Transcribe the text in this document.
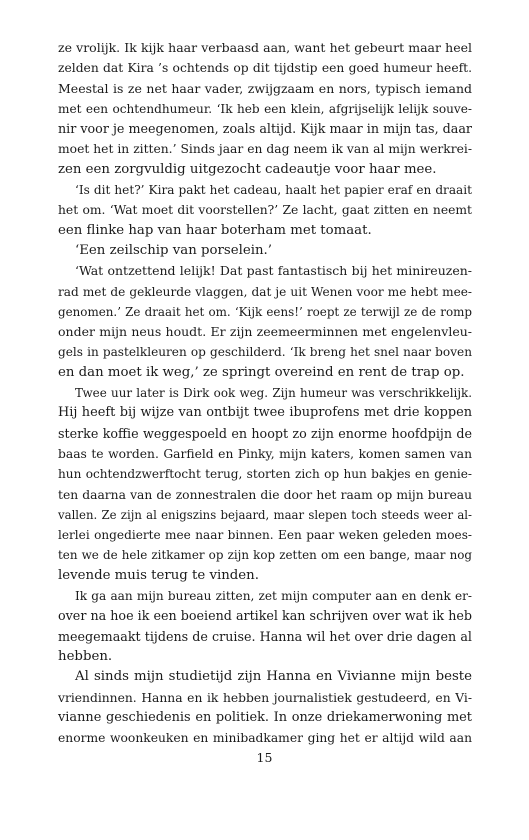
ze vrolijk. Ik kijk haar verbaasd aan, want het gebeurt maar heel
zelden dat Kira ’s ochtends op dit tijdstip een goed humeur heeft.
Meestal is ze net haar vader, zwijgzaam en nors, typisch iemand
met een ochtendhumeur. ‘Ik heb een klein, afgrijselijk lelijk souve-
nir voor je meegenomen, zoals altijd. Kijk maar in mijn tas, daar
moet het in zitten.’ Sinds jaar en dag neem ik van al mijn werkrei-
zen een zorgvuldig uitgezocht cadeautje voor haar mee.
‘Is dit het?’ Kira pakt het cadeau, haalt het papier eraf en draait
het om. ‘Wat moet dit voorstellen?’ Ze lacht, gaat zitten en neemt
een flinke hap van haar boterham met tomaat.
‘Een zeilschip van porselein.’
‘Wat ontzettend lelijk! Dat past fantastisch bij het minireuzen-
rad met de gekleurde vlaggen, dat je uit Wenen voor me hebt mee-
genomen.’ Ze draait het om. ‘Kijk eens!’ roept ze terwijl ze de romp
onder mijn neus houdt. Er zijn zeemeerminnen met engelenvleu-
gels in pastelkleuren op geschilderd. ‘Ik breng het snel naar boven
en dan moet ik weg,’ ze springt overeind en rent de trap op.
Twee uur later is Dirk ook weg. Zijn humeur was verschrikkelijk.
Hij heeft bij wijze van ontbijt twee ibuprofens met drie koppen
sterke koffie weggespoeld en hoopt zo zijn enorme hoofdpijn de
baas te worden. Garfield en Pinky, mijn katers, komen samen van
hun ochtendzwerftocht terug, storten zich op hun bakjes en genie-
ten daarna van de zonnestralen die door het raam op mijn bureau
vallen. Ze zijn al enigszins bejaard, maar slepen toch steeds weer al-
lerlei ongedierte mee naar binnen. Een paar weken geleden moes-
ten we de hele zitkamer op zijn kop zetten om een bange, maar nog
levende muis terug te vinden.
Ik ga aan mijn bureau zitten, zet mijn computer aan en denk er-
over na hoe ik een boeiend artikel kan schrijven over wat ik heb
meegemaakt tijdens de cruise. Hanna wil het over drie dagen al
hebben.
Al sinds mijn studietijd zijn Hanna en Vivianne mijn beste
vriendinnen. Hanna en ik hebben journalistiek gestudeerd, en Vi-
vianne geschiedenis en politiek. In onze driekamerwoning met
enorme woonkeuken en minibadkamer ging het er altijd wild aan
15
